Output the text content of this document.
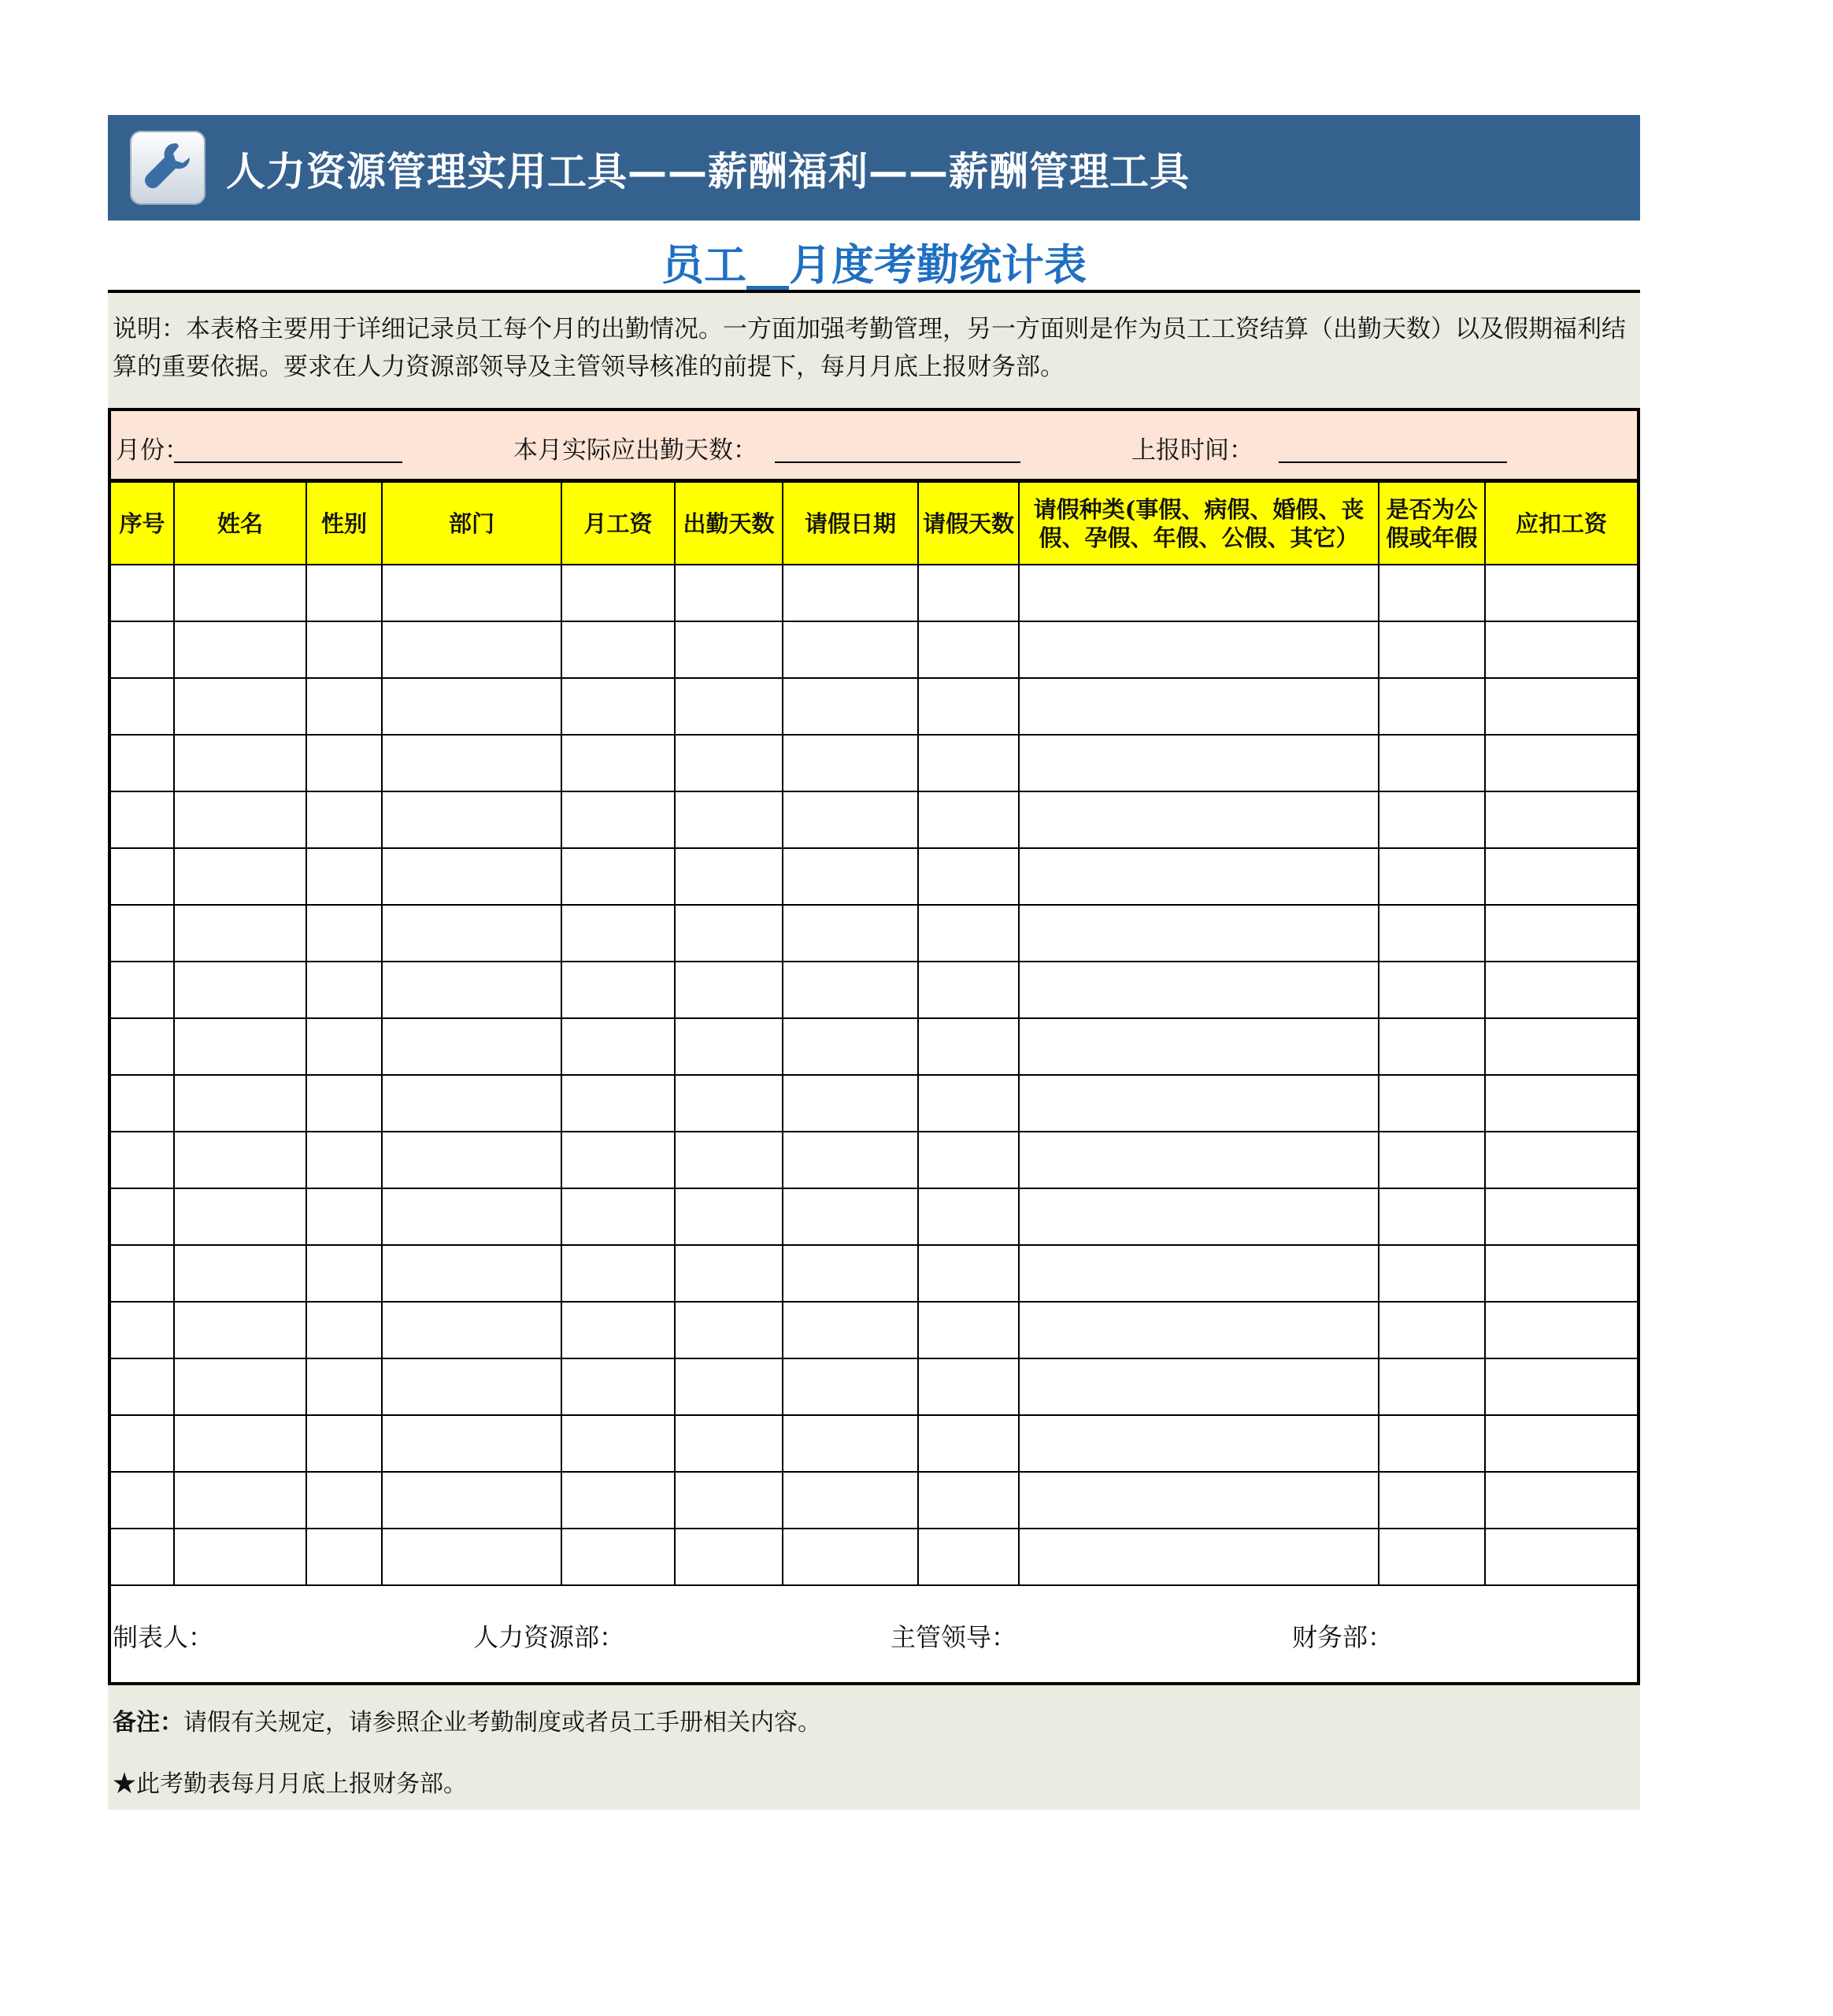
人力资源管理实用工具——薪酬福利——薪酬管理工具
员工__月度考勤统计表
说明：本表格主要用于详细记录员工每个月的出勤情况。一方面加强考勤管理，另一方面则是作为员工工资结算（出勤天数）以及假期福利结算的重要依据。要求在人力资源部领导及主管领导核准的前提下，每月月底上报财务部。
月份：	本月实际应出勤天数：	上报时间：
序号	姓名	性别	部门	月工资	出勤天数	请假日期	请假天数	请假种类(事假、病假、婚假、丧假、孕假、年假、公假、其它）	是否为公假或年假	应扣工资

制表人：	人力资源部：	主管领导：	财务部：
备注：请假有关规定，请参照企业考勤制度或者员工手册相关内容。
★此考勤表每月月底上报财务部。
